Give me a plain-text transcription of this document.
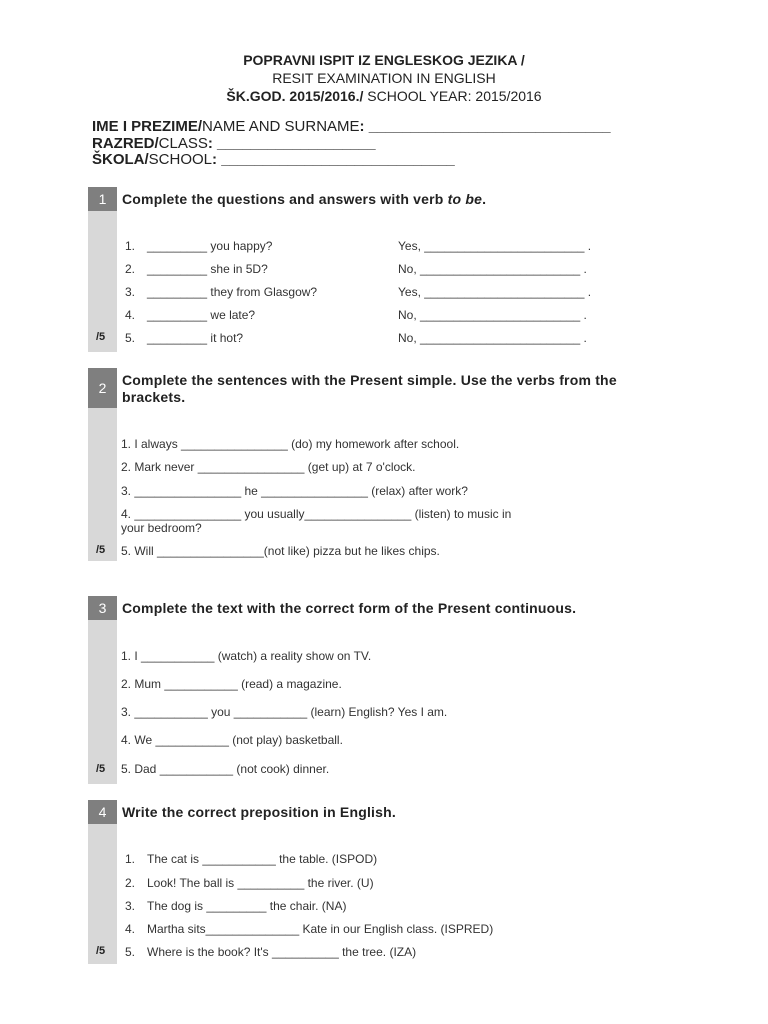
POPRAVNI ISPIT IZ ENGLESKOG JEZIKA /
RESIT EXAMINATION IN ENGLISH
ŠK.GOD. 2015/2016./ SCHOOL YEAR: 2015/2016
IME I PREZIME/NAME AND SURNAME: _____________________________
RAZRED/CLASS: ___________________
ŠKOLA/SCHOOL: ____________________________
1	Complete the questions and answers with verb to be.
1. _________ you happy?	Yes, ________________________ .
2. _________ she in 5D?	No, ________________________ .
3. _________ they from Glasgow?	Yes, ________________________ .
4. _________ we late?	No, ________________________ .
5. _________ it hot?	No, ________________________ .
/5
2	Complete the sentences with the Present simple. Use the verbs from the
brackets.
1. I always ________________ (do) my homework after school.
2. Mark never ________________ (get up) at 7 o'clock.
3. ________________ he ________________ (relax) after work?
4. ________________ you usually________________ (listen) to music in
your bedroom?
5. Will ________________(not like) pizza but he likes chips.
/5
3	Complete the text with the correct form of the Present continuous.
1. I ___________ (watch) a reality show on TV.
2. Mum ___________ (read) a magazine.
3. ___________ you ___________ (learn) English? Yes I am.
4. We ___________ (not play) basketball.
5. Dad ___________ (not cook) dinner.
/5
4	Write the correct preposition in English.
1. The cat is ___________ the table. (ISPOD)
2. Look! The ball is __________ the river. (U)
3. The dog is _________ the chair. (NA)
4. Martha sits______________ Kate in our English class. (ISPRED)
5. Where is the book? It's __________ the tree. (IZA)
/5
